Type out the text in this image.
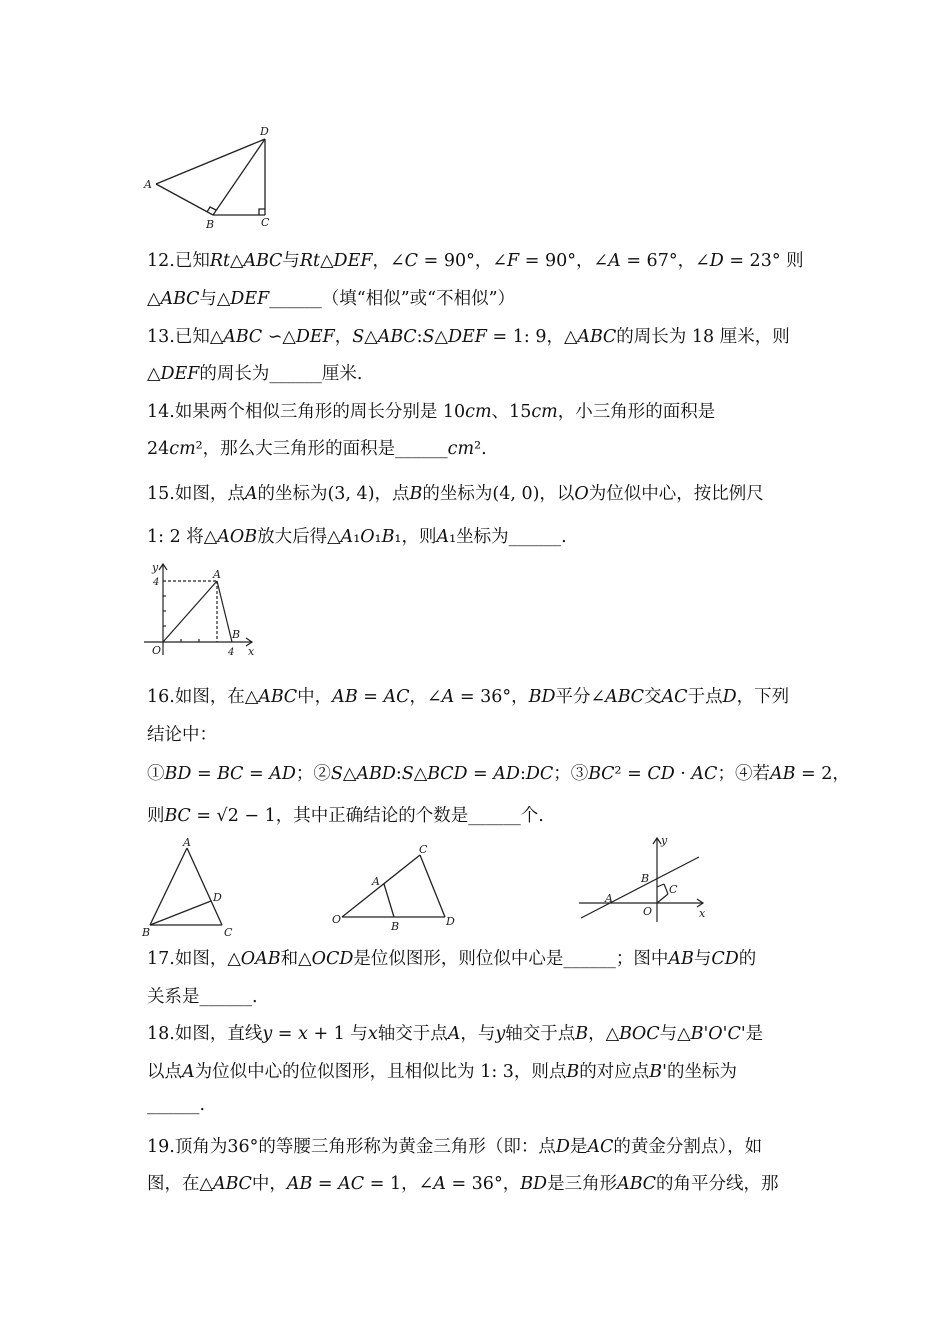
A
B	C
D
12.已知𝑅𝑡△𝐴𝐵𝐶与𝑅𝑡△𝐷𝐸𝐹，∠𝐶 = 90°，∠𝐹 = 90°，∠𝐴 = 67°，∠𝐷 = 23° 则
△𝐴𝐵𝐶与△𝐷𝐸𝐹______（填“相似”或“不相似”）
13.已知△𝐴𝐵𝐶 ∽△𝐷𝐸𝐹，𝑆△𝐴𝐵𝐶:𝑆△𝐷𝐸𝐹 = 1: 9，△𝐴𝐵𝐶的周长为 18 厘米，则
△𝐷𝐸𝐹的周长为______厘米.
14.如果两个相似三角形的周长分别是 10𝑐𝑚、15𝑐𝑚，小三角形的面积是
24𝑐𝑚²，那么大三角形的面积是______𝑐𝑚².
15.如图，点𝐴的坐标为(3, 4)，点𝐵的坐标为(4, 0)，以𝑂为位似中心，按比例尺
1: 2 将△𝐴𝑂𝐵放大后得△𝐴₁𝑂₁𝐵₁，则𝐴₁坐标为______.
y
x
4
4
O
A
B
16.如图，在△𝐴𝐵𝐶中，𝐴𝐵 = 𝐴𝐶，∠𝐴 = 36°，𝐵𝐷平分∠𝐴𝐵𝐶交𝐴𝐶于点𝐷，下列
结论中：
①𝐵𝐷 = 𝐵𝐶 = 𝐴𝐷；②𝑆△𝐴𝐵𝐷:𝑆△𝐵𝐶𝐷 = 𝐴𝐷:𝐷𝐶；③𝐵𝐶² = 𝐶𝐷 · 𝐴𝐶；④若𝐴𝐵 = 2，
则𝐵𝐶 = √2 − 1，其中正确结论的个数是______个.
A
B	C
D
O
A
B
C
D
y
x
A
B
C
O
17.如图，△𝑂𝐴𝐵和△𝑂𝐶𝐷是位似图形，则位似中心是______；图中𝐴𝐵与𝐶𝐷的
关系是______.
18.如图，直线𝑦 = 𝑥 + 1 与𝑥轴交于点𝐴，与𝑦轴交于点𝐵，△𝐵𝑂𝐶与△𝐵'𝑂'𝐶'是
以点𝐴为位似中心的位似图形，且相似比为 1: 3，则点𝐵的对应点𝐵'的坐标为
______.
19.顶角为36°的等腰三角形称为黄金三角形（即：点𝐷是𝐴𝐶的黄金分割点），如
图，在△𝐴𝐵𝐶中，𝐴𝐵 = 𝐴𝐶 = 1，∠𝐴 = 36°，𝐵𝐷是三角形𝐴𝐵𝐶的角平分线，那
